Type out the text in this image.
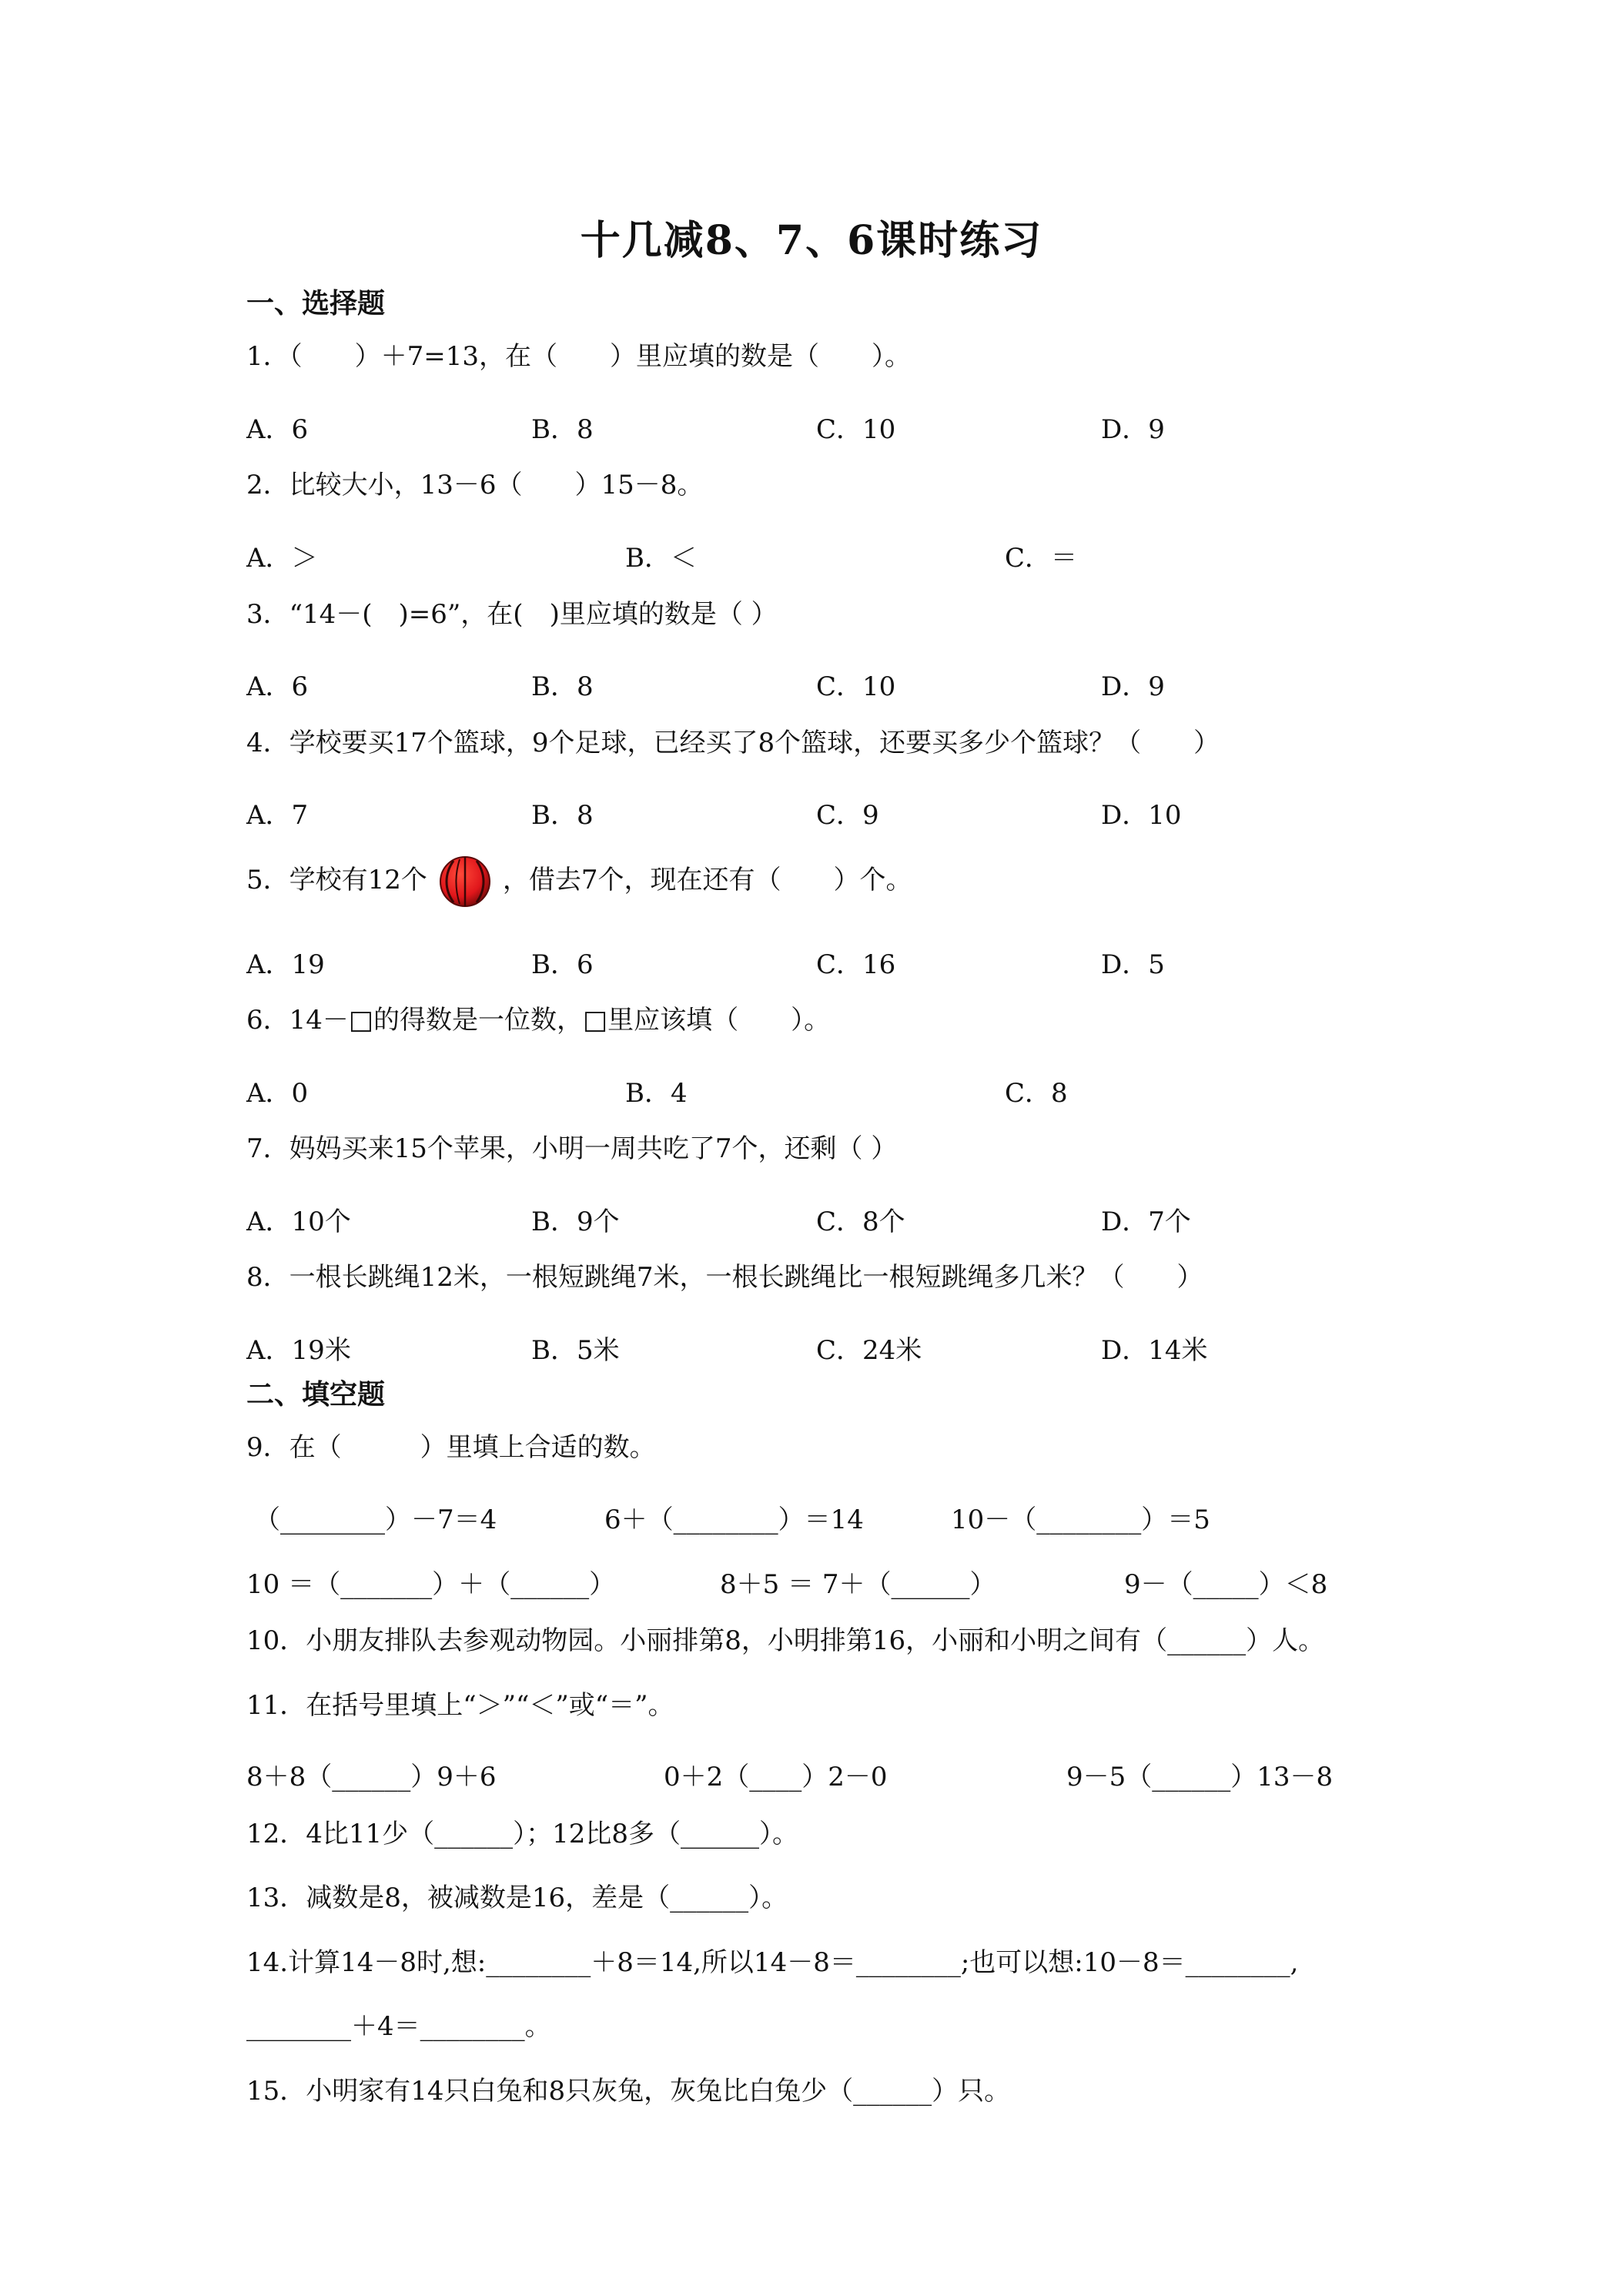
十几减8、7、6课时练习
一、选择题
1．（　　）＋7=13，在（　　）里应填的数是（　　）。
A．6	B．8	C．10	D．9
2．比较大小，13－6（　　）15－8。
A．＞	B．＜	C．＝
3．“14－(　)=6”，在(　)里应填的数是（ ）
A．6	B．8	C．10	D．9
4．学校要买17个篮球，9个足球，已经买了8个篮球，还要买多少个篮球？（　　）
A．7	B．8	C．9	D．10
5．学校有12个	，借去7个，现在还有（　　）个。
A．19	B．6	C．16	D．5
6．14－□的得数是一位数，□里应该填（　　）。
A．0	B．4	C．8
7．妈妈买来15个苹果，小明一周共吃了7个，还剩（ ）
A．10个	B．9个	C．8个	D．7个
8．一根长跳绳12米，一根短跳绳7米，一根长跳绳比一根短跳绳多几米？（　　）
A．19米	B．5米	C．24米	D．14米
二、填空题
9．在（　　　）里填上合适的数。
（________）－7＝4	6＋（________）＝14	10－（________）＝5
10 ＝（_______）＋（______）	8＋5 ＝ 7＋（______）	9－（_____）＜8
10．小朋友排队去参观动物园。小丽排第8，小明排第16，小丽和小明之间有（______）人。
11．在括号里填上“＞”“＜”或“＝”。
8＋8（______）9＋6	0＋2（____）2－0	9－5（______）13－8
12．4比11少（______）；12比8多（______）。
13．减数是8，被减数是16，差是（______）。
14.计算14－8时,想:________＋8＝14,所以14－8＝________;也可以想:10－8＝________,
________＋4＝________。
15．小明家有14只白兔和8只灰兔，灰兔比白兔少（______）只。
